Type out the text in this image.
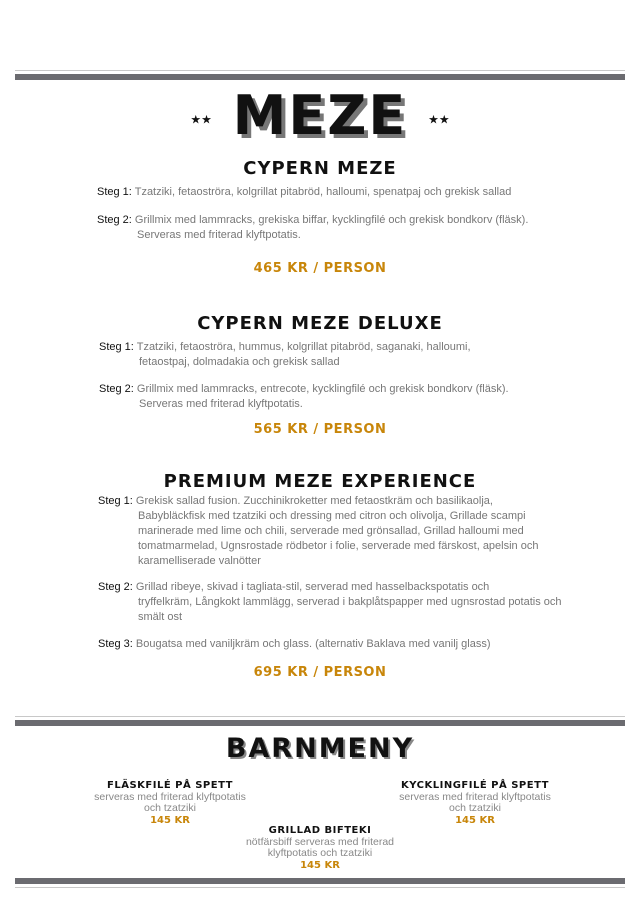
★★ MEZE ★★
CYPERN MEZE
Steg 1: Tzatziki, fetaoströra, kolgrillat pitabröd, halloumi, spenatpaj och grekisk sallad
Steg 2: Grillmix med lammracks, grekiska biffar, kycklingfilé och grekisk bondkorv (fläsk).
Serveras med friterad klyftpotatis.
465 KR / PERSON
CYPERN MEZE DELUXE
Steg 1: Tzatziki, fetaoströra, hummus, kolgrillat pitabröd, saganaki, halloumi,
fetaostpaj, dolmadakia och grekisk sallad
Steg 2: Grillmix med lammracks, entrecote, kycklingfilé och grekisk bondkorv (fläsk).
Serveras med friterad klyftpotatis.
565 KR / PERSON
PREMIUM MEZE EXPERIENCE
Steg 1: Grekisk sallad fusion. Zucchinikroketter med fetaostkräm och basilikaolja,
Babybläckfisk med tzatziki och dressing med citron och olivolja, Grillade scampi marinerade med lime och chili, serverade med grönsallad, Grillad halloumi med tomatmarmelad, Ugnsrostade rödbetor i folie, serverade med färskost, apelsin och karamelliserade valnötter
Steg 2: Grillad ribeye, skivad i tagliata-stil, serverad med hasselbackspotatis och
tryffelkräm, Långkokt lammlägg, serverad i bakplåtspapper med ugnsrostad potatis och smält ost
Steg 3: Bougatsa med vaniljkräm och glass. (alternativ Baklava med vanilj glass)
695 KR / PERSON
BARNMENY
FLÄSKFILÉ PÅ SPETT
serveras med friterad klyftpotatis
och tzatziki
145 KR
KYCKLINGFILÉ PÅ SPETT
serveras med friterad klyftpotatis
och tzatziki
145 KR
GRILLAD BIFTEKI
nötfärsbiff serveras med friterad
klyftpotatis och tzatziki
145 KR
